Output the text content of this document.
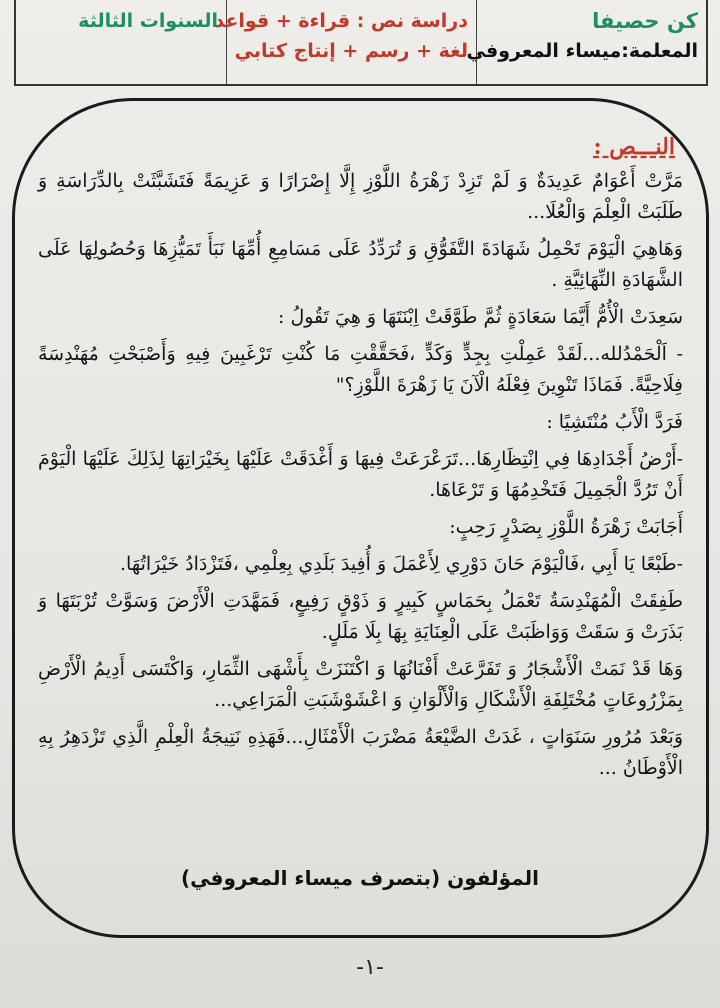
كن حصيفا
المعلمة:ميساء المعروفي
دراسة نص : قراءة + قواعد
لغة + رسم + إنتاج كتابي
السنوات الثالثة
النـــص :

مَرَّتْ أَعْوَامٌ عَدِيدَةٌ وَ لَمْ تَزِدْ زَهْرَةُ اللَّوْزِ إِلَّا إِصْرَارًا وَ عَزِيمَةً فَتَشَبَّثَتْ بِالدِّرَاسَةِ وَ طَلَبَتْ الْعِلْمَ وَالْعُلَا...

وَهَاهِيَ الْيَوْمَ تَحْمِلُ شَهَادَةَ التَّفَوُّقِ وَ تُرَدِّدُ عَلَى مَسَامِعِ أُمِّهَا نَبَأَ تَمَيُّزِهَا وَحُصُولِهَا عَلَى الشَّهَادَةِ النِّهَائِيَّةِ .

سَعِدَتْ الْأُمُّ أَيَّمَا سَعَادَةٍ ثُمَّ طَوَّقَتْ اِبْنَتَهَا وَ هِيَ تَقُولُ :

- اَلْحَمْدُلله...لَقَدْ عَمِلْتِ بِجِدٍّ وَكَدٍّ ،فَحَقَّقْتِ مَا كُنْتِ تَرْغَبِينَ فِيهِ وَأَصْبَحْتِ مُهَنْدِسَةً فِلَاحِيَّةً. فَمَاذَا تَنْوِينَ فِعْلَهُ الْآنَ يَا زَهْرَةَ اللَّوْزِ؟"

فَرَدَّ الْأَبُ مُنْتَشِيًا :

-أَرْضُ أَجْدَادِهَا فِي اِنْتِظَارِهَا...تَرَعْرَعَتْ فِيهَا وَ أَغْدَقَتْ عَلَيْهَا بِخَيْرَاتِهَا لِذَلِكَ عَلَيْهَا الْيَوْمَ أَنْ تَرُدَّ الْجَمِيلَ فَتَخْدِمُهَا وَ تَرْعَاهَا.

أَجَابَتْ زَهْرَةُ اللَّوْزِ بِصَدْرٍ رَحِبٍ:

-طَبْعًا يَا أَبِي ،فَالْيَوْمَ حَانَ دَوْرِي لِأَعْمَلَ وَ أُفِيدَ بَلَدِي بِعِلْمِي ،فَتَزْدَادُ خَيْرَاتُهَا.

طَفِقَتْ الْمُهَنْدِسَةُ تَعْمَلُ بِحَمَاسٍ كَبِيرٍ وَ ذَوْقٍ رَفِيعٍ، فَمَهَّدَتِ الْأَرْضَ وَسَوَّتْ تُرْبَتَهَا وَ بَذَرَتْ وَ سَقَتْ وَوَاظَبَتْ عَلَى الْعِنَايَةِ بِهَا بِلَا مَلَلٍ.

وَهَا قَدْ نَمَتْ الْأَشْجَارُ وَ تَفَرَّعَتْ أَفْنَانُهَا وَ اكْتَنَزَتْ بِأَشْهَى الثِّمَارِ، وَاكْتَسَى أَدِيمُ الْأَرْضِ بِمَزْرُوعَاتٍ مُخْتَلِفَةِ الْأَشْكَالِ وَالْأَلْوَانِ وَ اعْشَوْشَبَتِ الْمَرَاعِي...

وَبَعْدَ مُرُورِ سَنَوَاتٍ ، غَدَتْ الضَّيْعَةُ مَضْرَبَ الْأَمْثَالِ...فَهَذِهِ نَتِيجَةُ الْعِلْمِ الَّذِي تَزْدَهِرُ بِهِ الْأَوْطَانُ ...

المؤلفون (بتصرف ميساء المعروفي)
-١-
